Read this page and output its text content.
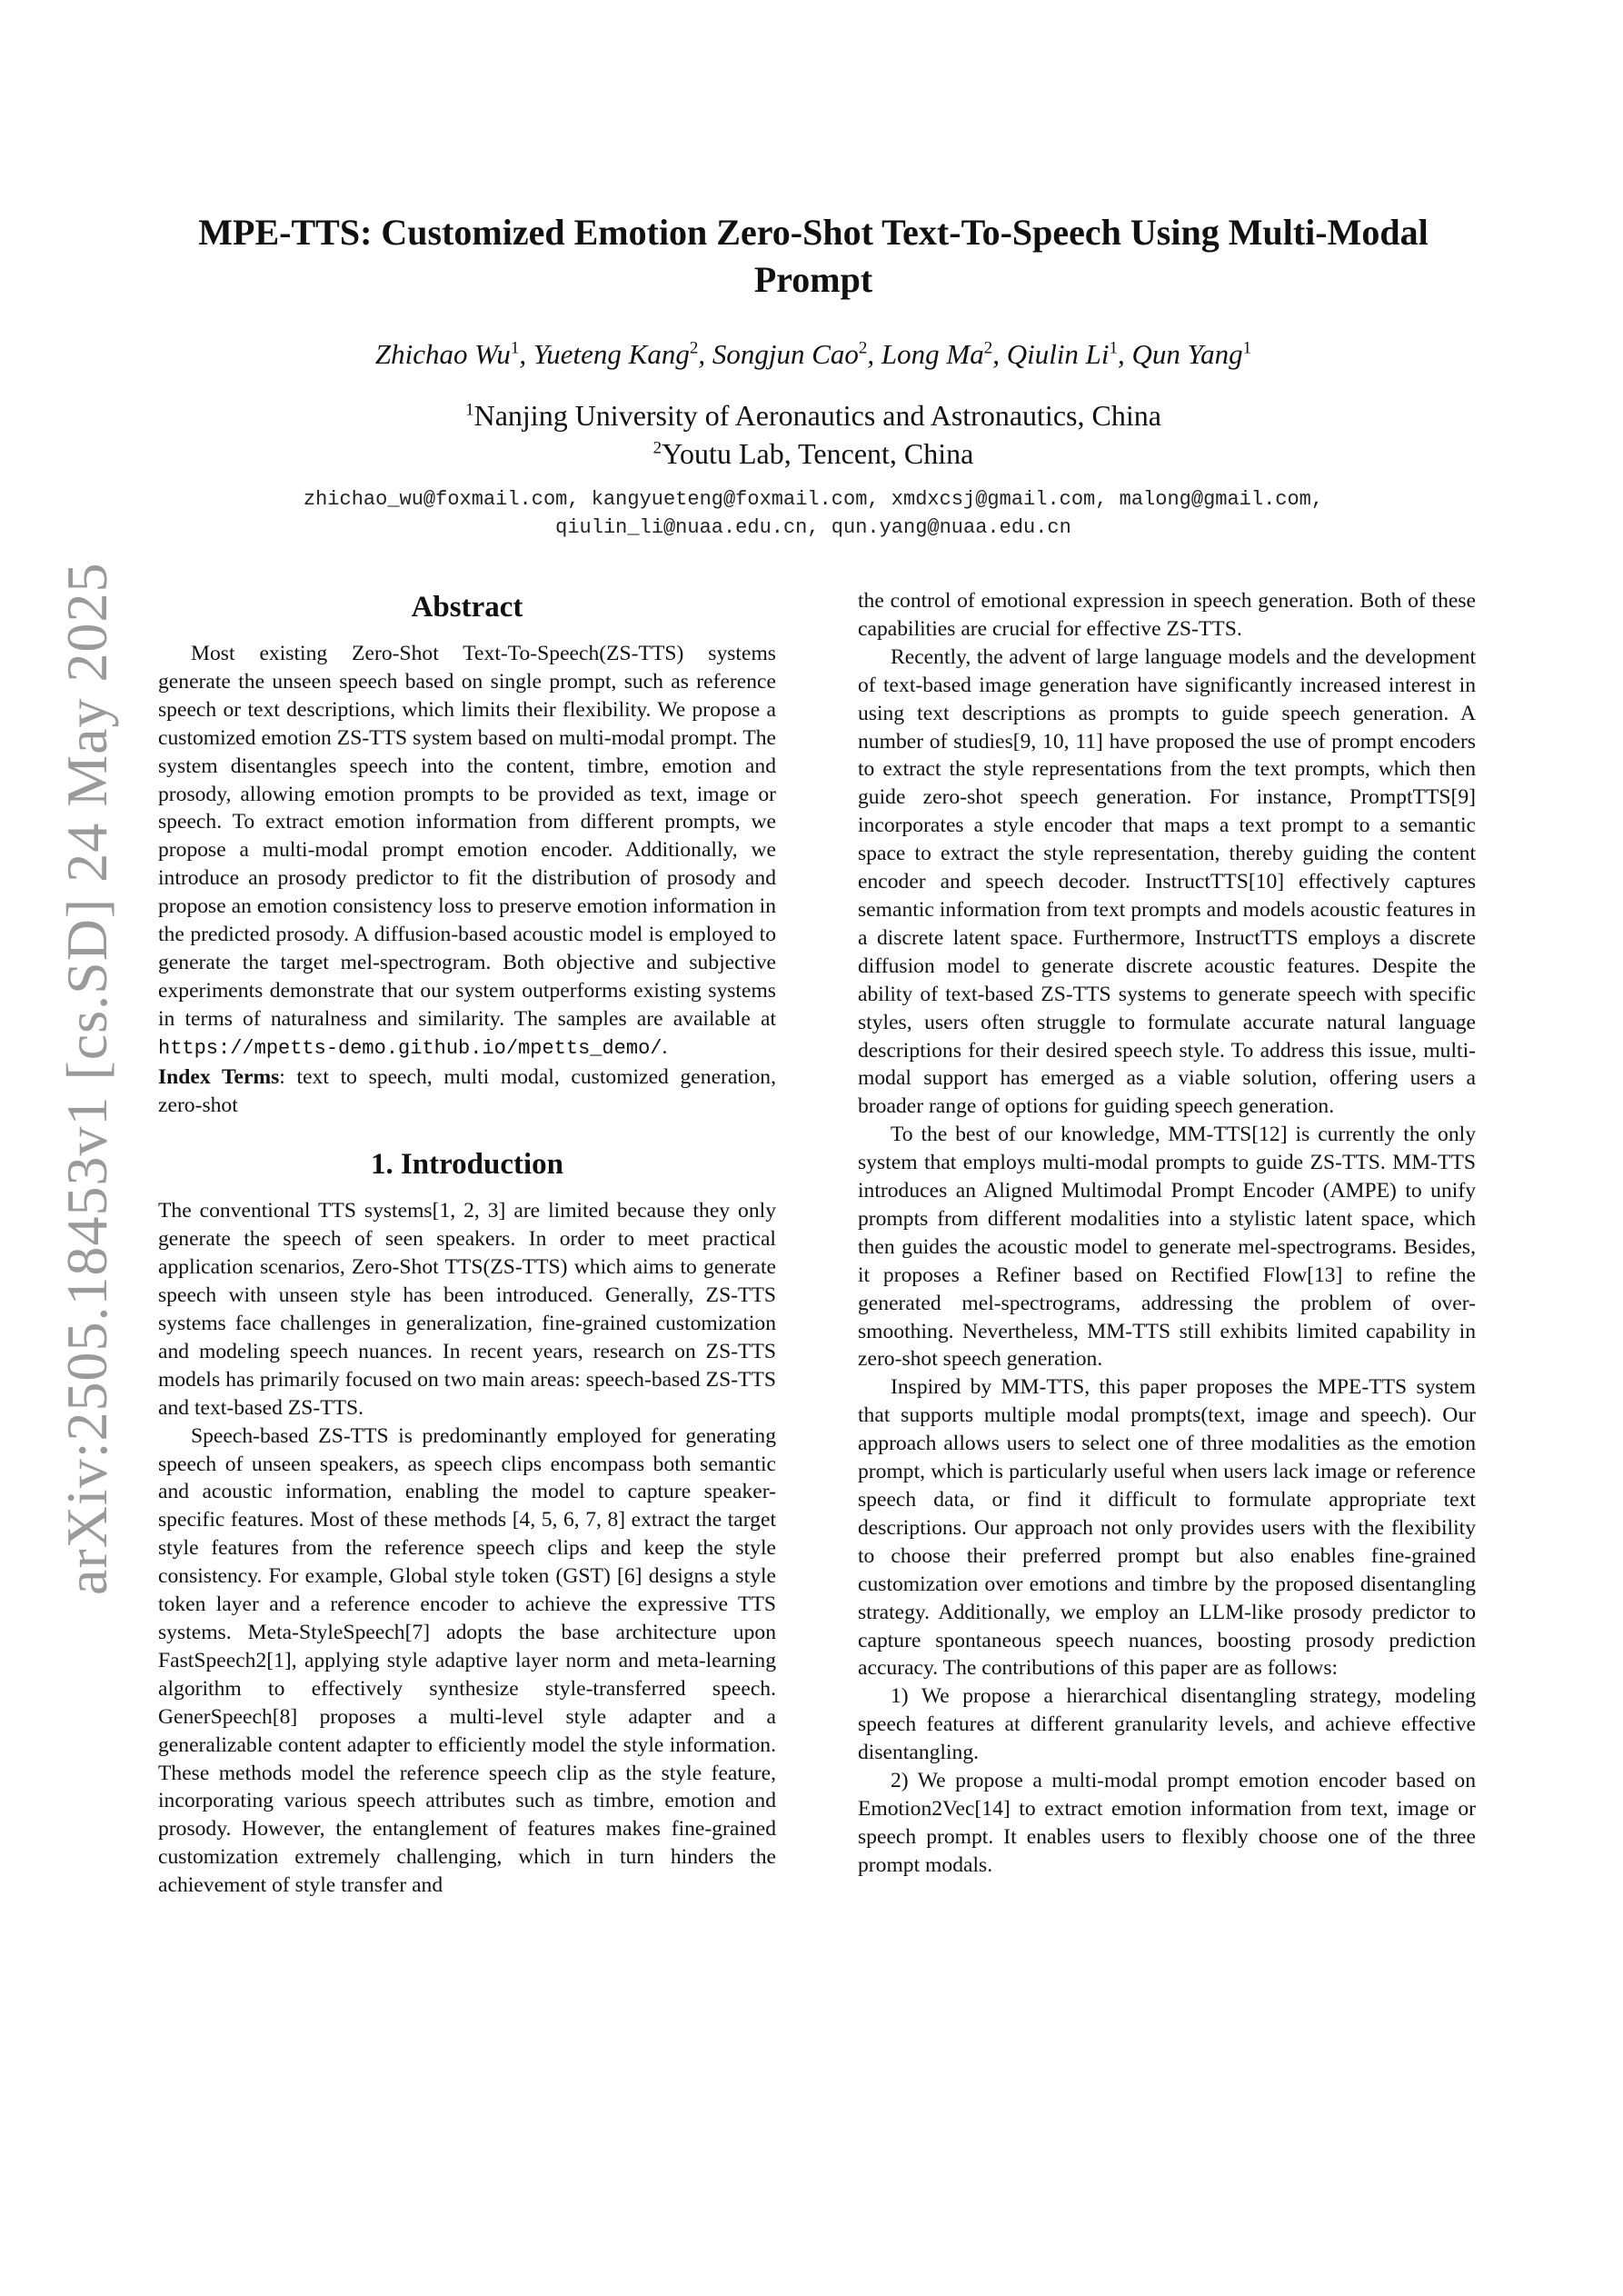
arXiv:2505.18453v1 [cs.SD] 24 May 2025
MPE-TTS: Customized Emotion Zero-Shot Text-To-Speech Using Multi-Modal Prompt
Zhichao Wu$^1$, Yueteng Kang$^2$, Songjun Cao$^2$, Long Ma$^2$, Qiulin Li$^1$, Qun Yang$^1$
$^1$Nanjing University of Aeronautics and Astronautics, China
$^2$Youtu Lab, Tencent, China
zhichao_wu@foxmail.com, kangyueteng@foxmail.com, xmdxcsj@gmail.com, malong@gmail.com,
qiulin_li@nuaa.edu.cn, qun.yang@nuaa.edu.cn
Abstract

Most existing Zero-Shot Text-To-Speech(ZS-TTS) systems generate the unseen speech based on single prompt, such as reference speech or text descriptions, which limits their flexibility. We propose a customized emotion ZS-TTS system based on multi-modal prompt. The system disentangles speech into the content, timbre, emotion and prosody, allowing emotion prompts to be provided as text, image or speech. To extract emotion information from different prompts, we propose a multi-modal prompt emotion encoder. Additionally, we introduce an prosody predictor to fit the distribution of prosody and propose an emotion consistency loss to preserve emotion information in the predicted prosody. A diffusion-based acoustic model is employed to generate the target mel-spectrogram. Both objective and subjective experiments demonstrate that our system outperforms existing systems in terms of naturalness and similarity. The samples are available at https://mpetts-demo.github.io/mpetts_demo/.

Index Terms: text to speech, multi modal, customized generation, zero-shot

1. Introduction

The conventional TTS systems[1, 2, 3] are limited because they only generate the speech of seen speakers. In order to meet practical application scenarios, Zero-Shot TTS(ZS-TTS) which aims to generate speech with unseen style has been introduced. Generally, ZS-TTS systems face challenges in generalization, fine-grained customization and modeling speech nuances. In recent years, research on ZS-TTS models has primarily focused on two main areas: speech-based ZS-TTS and text-based ZS-TTS.

Speech-based ZS-TTS is predominantly employed for generating speech of unseen speakers, as speech clips encompass both semantic and acoustic information, enabling the model to capture speaker-specific features. Most of these methods [4, 5, 6, 7, 8] extract the target style features from the reference speech clips and keep the style consistency. For example, Global style token (GST) [6] designs a style token layer and a reference encoder to achieve the expressive TTS systems. Meta-StyleSpeech[7] adopts the base architecture upon FastSpeech2[1], applying style adaptive layer norm and meta-learning algorithm to effectively synthesize style-transferred speech. GenerSpeech[8] proposes a multi-level style adapter and a generalizable content adapter to efficiently model the style information. These methods model the reference speech clip as the style feature, incorporating various speech attributes such as timbre, emotion and prosody. However, the entanglement of features makes fine-grained customization extremely challenging, which in turn hinders the achievement of style transfer and

the control of emotional expression in speech generation. Both of these capabilities are crucial for effective ZS-TTS.

Recently, the advent of large language models and the development of text-based image generation have significantly increased interest in using text descriptions as prompts to guide speech generation. A number of studies[9, 10, 11] have proposed the use of prompt encoders to extract the style representations from the text prompts, which then guide zero-shot speech generation. For instance, PromptTTS[9] incorporates a style encoder that maps a text prompt to a semantic space to extract the style representation, thereby guiding the content encoder and speech decoder. InstructTTS[10] effectively captures semantic information from text prompts and models acoustic features in a discrete latent space. Furthermore, InstructTTS employs a discrete diffusion model to generate discrete acoustic features. Despite the ability of text-based ZS-TTS systems to generate speech with specific styles, users often struggle to formulate accurate natural language descriptions for their desired speech style. To address this issue, multi-modal support has emerged as a viable solution, offering users a broader range of options for guiding speech generation.

To the best of our knowledge, MM-TTS[12] is currently the only system that employs multi-modal prompts to guide ZS-TTS. MM-TTS introduces an Aligned Multimodal Prompt Encoder (AMPE) to unify prompts from different modalities into a stylistic latent space, which then guides the acoustic model to generate mel-spectrograms. Besides, it proposes a Refiner based on Rectified Flow[13] to refine the generated mel-spectrograms, addressing the problem of over-smoothing. Nevertheless, MM-TTS still exhibits limited capability in zero-shot speech generation.

Inspired by MM-TTS, this paper proposes the MPE-TTS system that supports multiple modal prompts(text, image and speech). Our approach allows users to select one of three modalities as the emotion prompt, which is particularly useful when users lack image or reference speech data, or find it difficult to formulate appropriate text descriptions. Our approach not only provides users with the flexibility to choose their preferred prompt but also enables fine-grained customization over emotions and timbre by the proposed disentangling strategy. Additionally, we employ an LLM-like prosody predictor to capture spontaneous speech nuances, boosting prosody prediction accuracy. The contributions of this paper are as follows:

1) We propose a hierarchical disentangling strategy, modeling speech features at different granularity levels, and achieve effective disentangling.

2) We propose a multi-modal prompt emotion encoder based on Emotion2Vec[14] to extract emotion information from text, image or speech prompt. It enables users to flexibly choose one of the three prompt modals.
